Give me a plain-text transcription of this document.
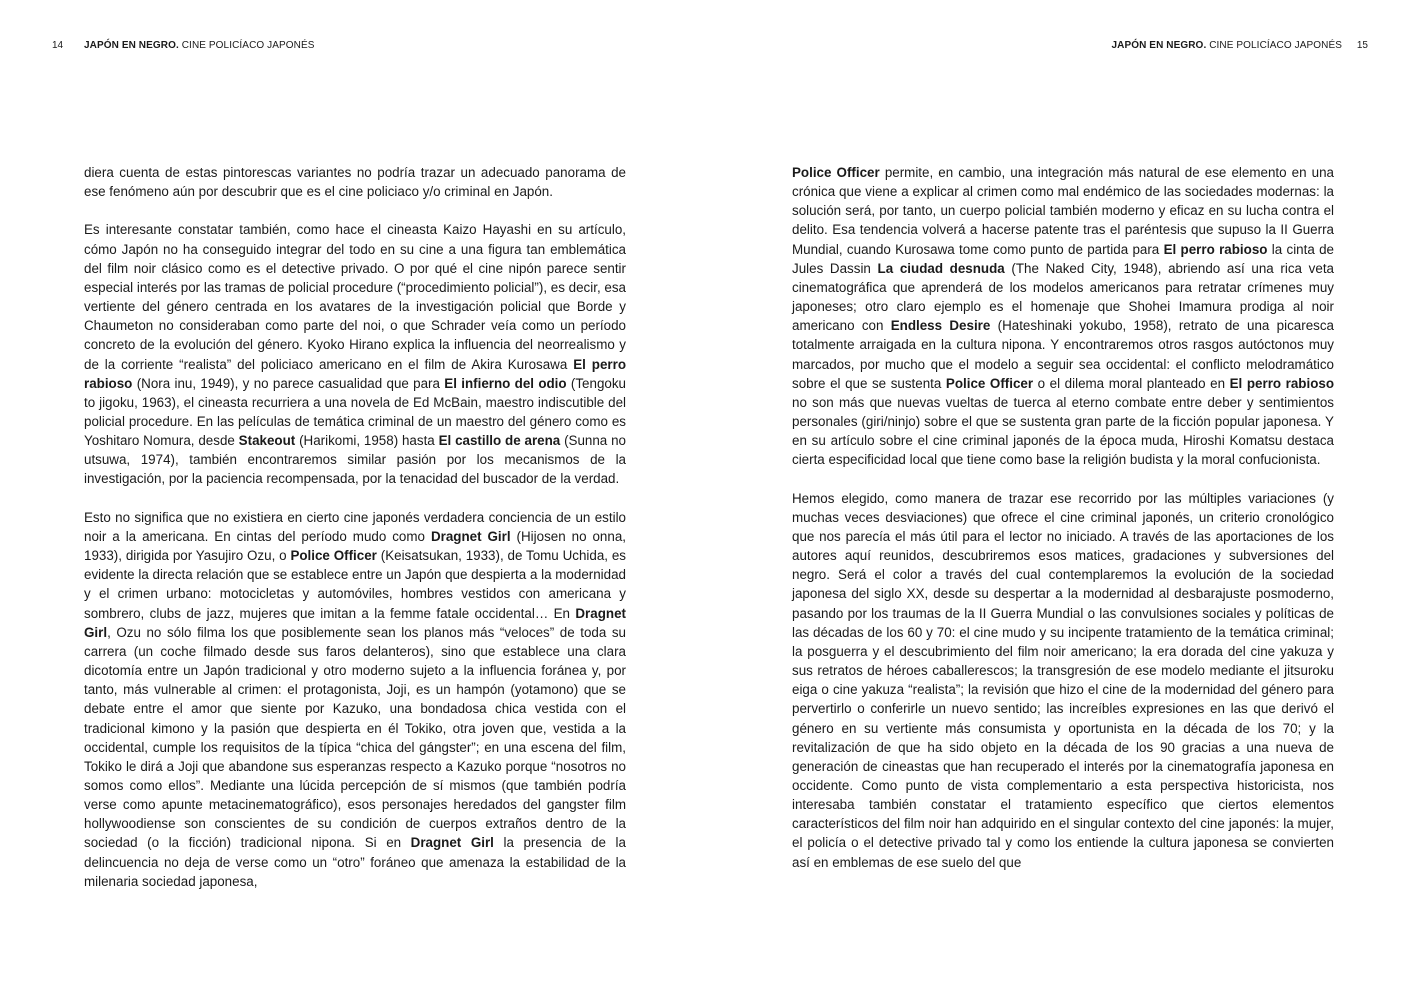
14 JAPÓN EN NEGRO. CINE POLICÍACO JAPONÉS

diera cuenta de estas pintorescas variantes no podría trazar un adecuado panorama de ese fenómeno aún por descubrir que es el cine policiaco y/o criminal en Japón.

Es interesante constatar también, como hace el cineasta Kaizo Hayashi en su artículo, cómo Japón no ha conseguido integrar del todo en su cine a una figura tan emblemática del film noir clásico como es el detective privado. O por qué el cine nipón parece sentir especial interés por las tramas de policial procedure (“procedimiento policial”), es decir, esa vertiente del género centrada en los avatares de la investigación policial que Borde y Chaumeton no consideraban como parte del noi, o que Schrader veía como un período concreto de la evolución del género. Kyoko Hirano explica la influencia del neorrealismo y de la corriente “realista” del policiaco americano en el film de Akira Kurosawa El perro rabioso (Nora inu, 1949), y no parece casualidad que para El infierno del odio (Tengoku to jigoku, 1963), el cineasta recurriera a una novela de Ed McBain, maestro indiscutible del policial procedure. En las películas de temática criminal de un maestro del género como es Yoshitaro Nomura, desde Stakeout (Harikomi, 1958) hasta El castillo de arena (Sunna no utsuwa, 1974), también encontraremos similar pasión por los mecanismos de la investigación, por la paciencia recompensada, por la tenacidad del buscador de la verdad.

Esto no significa que no existiera en cierto cine japonés verdadera conciencia de un estilo noir a la americana. En cintas del período mudo como Dragnet Girl (Hijosen no onna, 1933), dirigida por Yasujiro Ozu, o Police Officer (Keisatsukan, 1933), de Tomu Uchida, es evidente la directa relación que se establece entre un Japón que despierta a la modernidad y el crimen urbano: motocicletas y automóviles, hombres vestidos con americana y sombrero, clubs de jazz, mujeres que imitan a la femme fatale occidental… En Dragnet Girl, Ozu no sólo filma los que posiblemente sean los planos más “veloces” de toda su carrera (un coche filmado desde sus faros delanteros), sino que establece una clara dicotomía entre un Japón tradicional y otro moderno sujeto a la influencia foránea y, por tanto, más vulnerable al crimen: el protagonista, Joji, es un hampón (yotamono) que se debate entre el amor que siente por Kazuko, una bondadosa chica vestida con el tradicional kimono y la pasión que despierta en él Tokiko, otra joven que, vestida a la occidental, cumple los requisitos de la típica “chica del gángster”; en una escena del film, Tokiko le dirá a Joji que abandone sus esperanzas respecto a Kazuko porque “nosotros no somos como ellos”. Mediante una lúcida percepción de sí mismos (que también podría verse como apunte metacinematográfico), esos personajes heredados del gangster film hollywoodiense son conscientes de su condición de cuerpos extraños dentro de la sociedad (o la ficción) tradicional nipona. Si en Dragnet Girl la presencia de la delincuencia no deja de verse como un “otro” foráneo que amenaza la estabilidad de la milenaria sociedad japonesa,

JAPÓN EN NEGRO. CINE POLICÍACO JAPONÉS 15

Police Officer permite, en cambio, una integración más natural de ese elemento en una crónica que viene a explicar al crimen como mal endémico de las sociedades modernas: la solución será, por tanto, un cuerpo policial también moderno y eficaz en su lucha contra el delito. Esa tendencia volverá a hacerse patente tras el paréntesis que supuso la II Guerra Mundial, cuando Kurosawa tome como punto de partida para El perro rabioso la cinta de Jules Dassin La ciudad desnuda (The Naked City, 1948), abriendo así una rica veta cinematográfica que aprenderá de los modelos americanos para retratar crímenes muy japoneses; otro claro ejemplo es el homenaje que Shohei Imamura prodiga al noir americano con Endless Desire (Hateshinaki yokubo, 1958), retrato de una picaresca totalmente arraigada en la cultura nipona. Y encontraremos otros rasgos autóctonos muy marcados, por mucho que el modelo a seguir sea occidental: el conflicto melodramático sobre el que se sustenta Police Officer o el dilema moral planteado en El perro rabioso no son más que nuevas vueltas de tuerca al eterno combate entre deber y sentimientos personales (giri/ninjo) sobre el que se sustenta gran parte de la ficción popular japonesa. Y en su artículo sobre el cine criminal japonés de la época muda, Hiroshi Komatsu destaca cierta especificidad local que tiene como base la religión budista y la moral confucionista.

Hemos elegido, como manera de trazar ese recorrido por las múltiples variaciones (y muchas veces desviaciones) que ofrece el cine criminal japonés, un criterio cronológico que nos parecía el más útil para el lector no iniciado. A través de las aportaciones de los autores aquí reunidos, descubriremos esos matices, gradaciones y subversiones del negro. Será el color a través del cual contemplaremos la evolución de la sociedad japonesa del siglo XX, desde su despertar a la modernidad al desbarajuste posmoderno, pasando por los traumas de la II Guerra Mundial o las convulsiones sociales y políticas de las décadas de los 60 y 70: el cine mudo y su incipente tratamiento de la temática criminal; la posguerra y el descubrimiento del film noir americano; la era dorada del cine yakuza y sus retratos de héroes caballerescos; la transgresión de ese modelo mediante el jitsuroku eiga o cine yakuza “realista”; la revisión que hizo el cine de la modernidad del género para pervertirlo o conferirle un nuevo sentido; las increíbles expresiones en las que derivó el género en su vertiente más consumista y oportunista en la década de los 70; y la revitalización de que ha sido objeto en la década de los 90 gracias a una nueva de generación de cineastas que han recuperado el interés por la cinematografía japonesa en occidente. Como punto de vista complementario a esta perspectiva historicista, nos interesaba también constatar el tratamiento específico que ciertos elementos característicos del film noir han adquirido en el singular contexto del cine japonés: la mujer, el policía o el detective privado tal y como los entiende la cultura japonesa se convierten así en emblemas de ese suelo del que
